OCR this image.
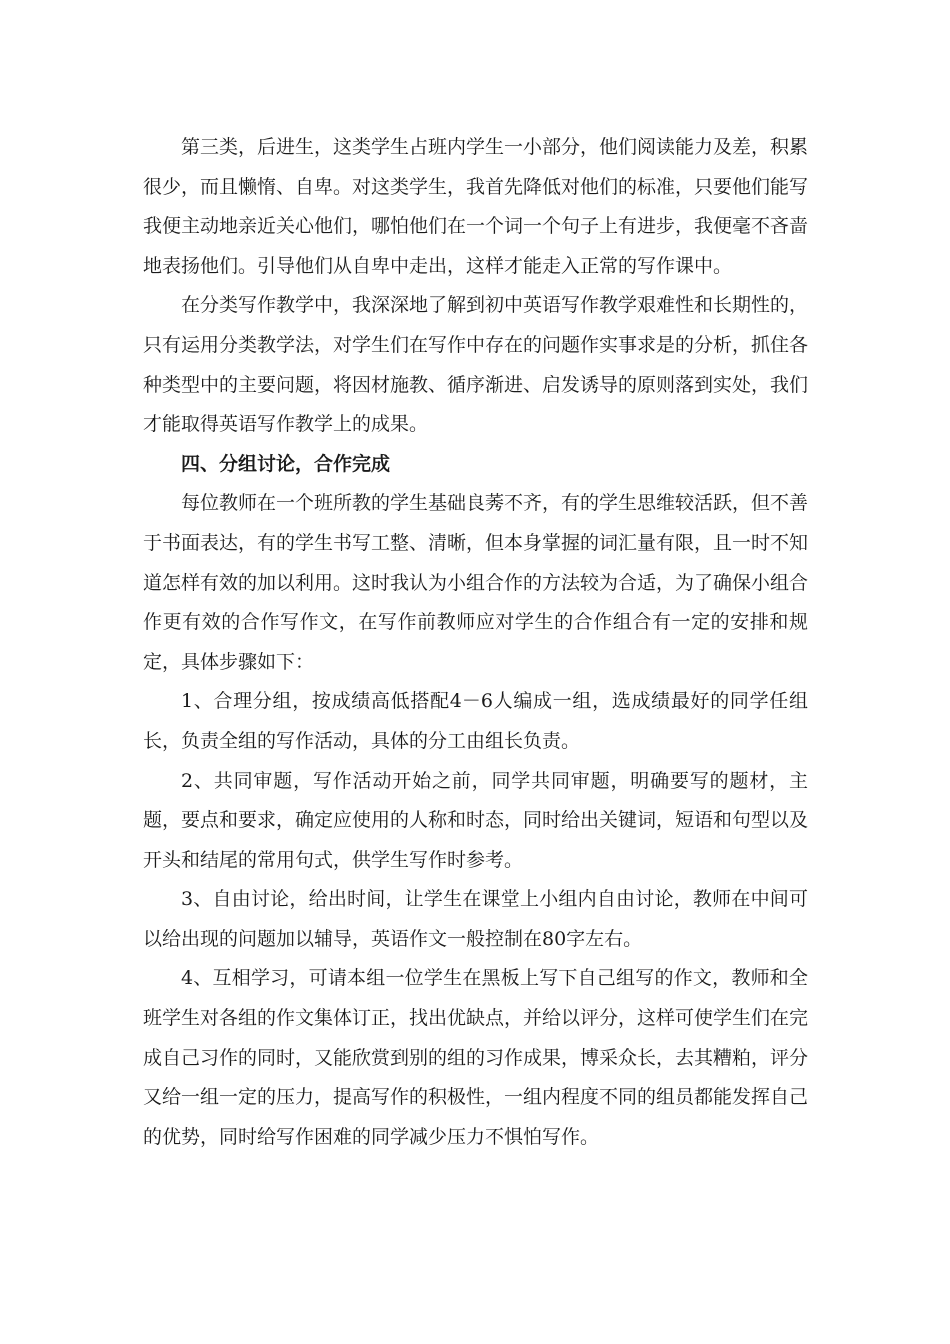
第三类，后进生，这类学生占班内学生一小部分，他们阅读能力及差，积累很少，而且懒惰、自卑。对这类学生，我首先降低对他们的标准，只要他们能写我便主动地亲近关心他们，哪怕他们在一个词一个句子上有进步，我便毫不吝啬地表扬他们。引导他们从自卑中走出，这样才能走入正常的写作课中。

在分类写作教学中，我深深地了解到初中英语写作教学艰难性和长期性的，只有运用分类教学法，对学生们在写作中存在的问题作实事求是的分析，抓住各种类型中的主要问题，将因材施教、循序渐进、启发诱导的原则落到实处，我们才能取得英语写作教学上的成果。

四、分组讨论，合作完成

每位教师在一个班所教的学生基础良莠不齐，有的学生思维较活跃，但不善于书面表达，有的学生书写工整、清晰，但本身掌握的词汇量有限，且一时不知道怎样有效的加以利用。这时我认为小组合作的方法较为合适，为了确保小组合作更有效的合作写作文，在写作前教师应对学生的合作组合有一定的安排和规定，具体步骤如下：

1、合理分组，按成绩高低搭配4－6人编成一组，选成绩最好的同学任组长，负责全组的写作活动，具体的分工由组长负责。

2、共同审题，写作活动开始之前，同学共同审题，明确要写的题材，主题，要点和要求，确定应使用的人称和时态，同时给出关键词，短语和句型以及开头和结尾的常用句式，供学生写作时参考。

3、自由讨论，给出时间，让学生在课堂上小组内自由讨论，教师在中间可以给出现的问题加以辅导，英语作文一般控制在80字左右。

4、互相学习，可请本组一位学生在黑板上写下自己组写的作文，教师和全班学生对各组的作文集体订正，找出优缺点，并给以评分，这样可使学生们在完成自己习作的同时，又能欣赏到别的组的习作成果，博采众长，去其糟粕，评分又给一组一定的压力，提高写作的积极性，一组内程度不同的组员都能发挥自己的优势，同时给写作困难的同学减少压力不惧怕写作。
